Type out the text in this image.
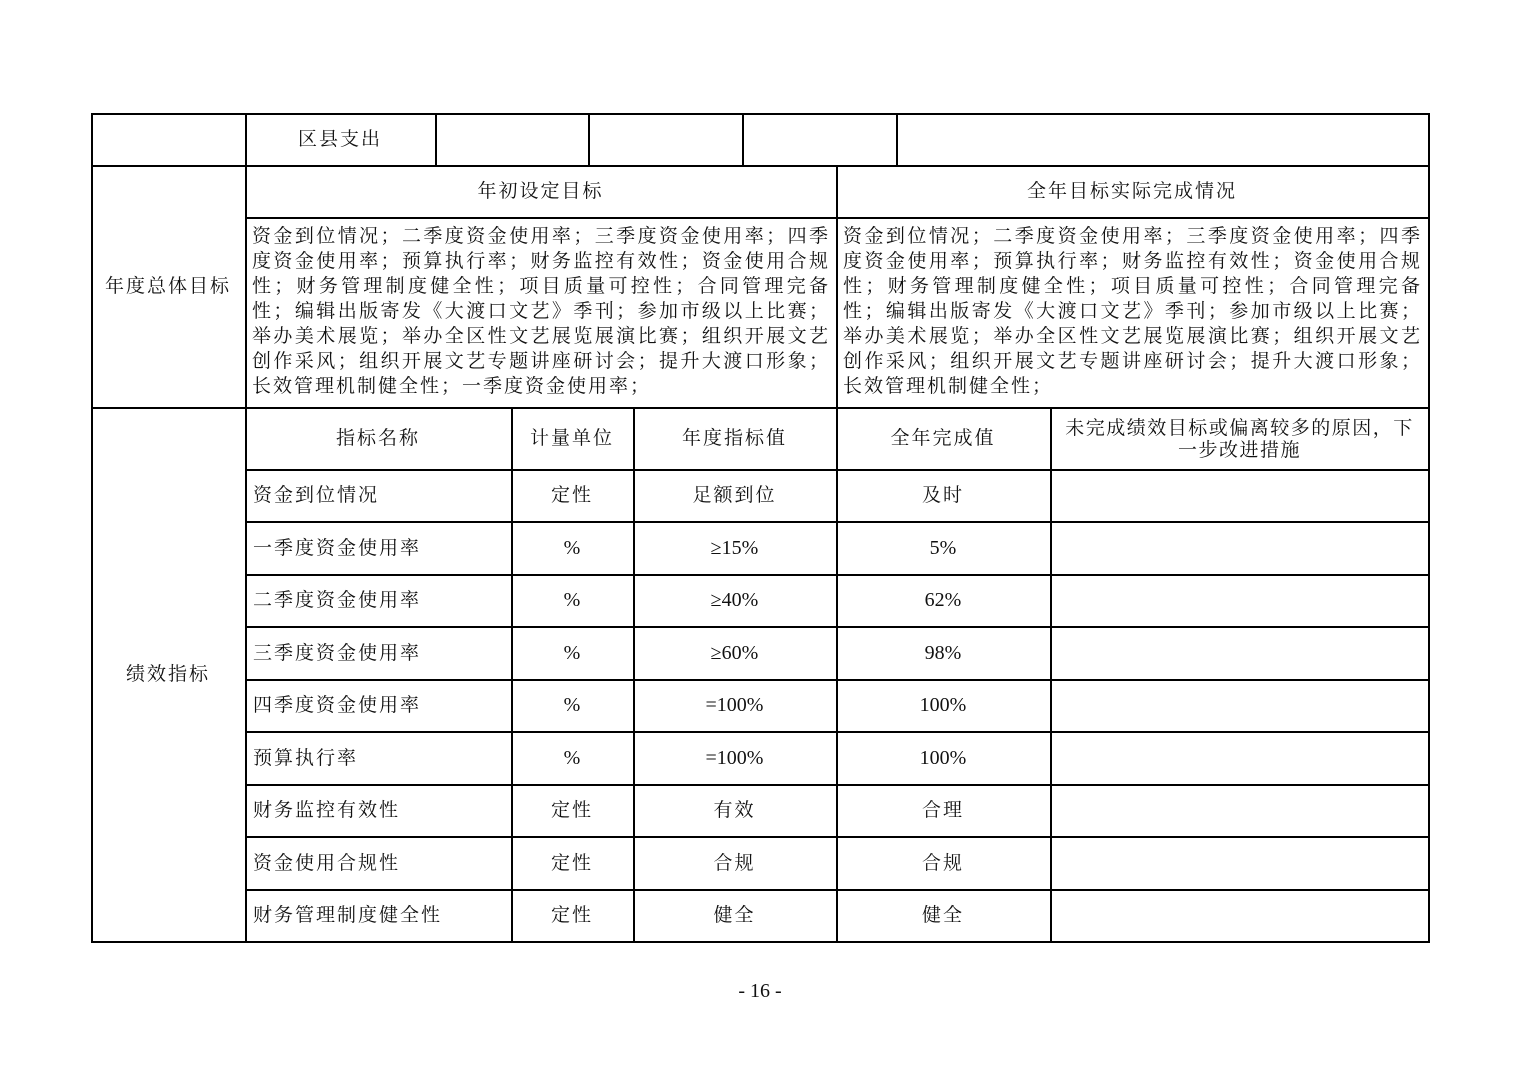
区县支出
年度总体目标
年初设定目标	全年目标实际完成情况
资金到位情况；二季度资金使用率；三季度资金使用率；四季度资金使用率；预算执行率；财务监控有效性；资金使用合规性；财务管理制度健全性；项目质量可控性；合同管理完备性；编辑出版寄发《大渡口文艺》季刊；参加市级以上比赛；举办美术展览；举办全区性文艺展览展演比赛；组织开展文艺创作采风；组织开展文艺专题讲座研讨会；提升大渡口形象；长效管理机制健全性；一季度资金使用率；
资金到位情况；二季度资金使用率；三季度资金使用率；四季度资金使用率；预算执行率；财务监控有效性；资金使用合规性；财务管理制度健全性；项目质量可控性；合同管理完备性；编辑出版寄发《大渡口文艺》季刊；参加市级以上比赛；举办美术展览；举办全区性文艺展览展演比赛；组织开展文艺创作采风；组织开展文艺专题讲座研讨会；提升大渡口形象；长效管理机制健全性；
绩效指标
指标名称	计量单位	年度指标值	全年完成值	未完成绩效目标或偏离较多的原因，下一步改进措施
资金到位情况	定性	足额到位	及时
一季度资金使用率	%	≥15%	5%
二季度资金使用率	%	≥40%	62%
三季度资金使用率	%	≥60%	98%
四季度资金使用率	%	=100%	100%
预算执行率	%	=100%	100%
财务监控有效性	定性	有效	合理
资金使用合规性	定性	合规	合规
财务管理制度健全性	定性	健全	健全
- 16 -
